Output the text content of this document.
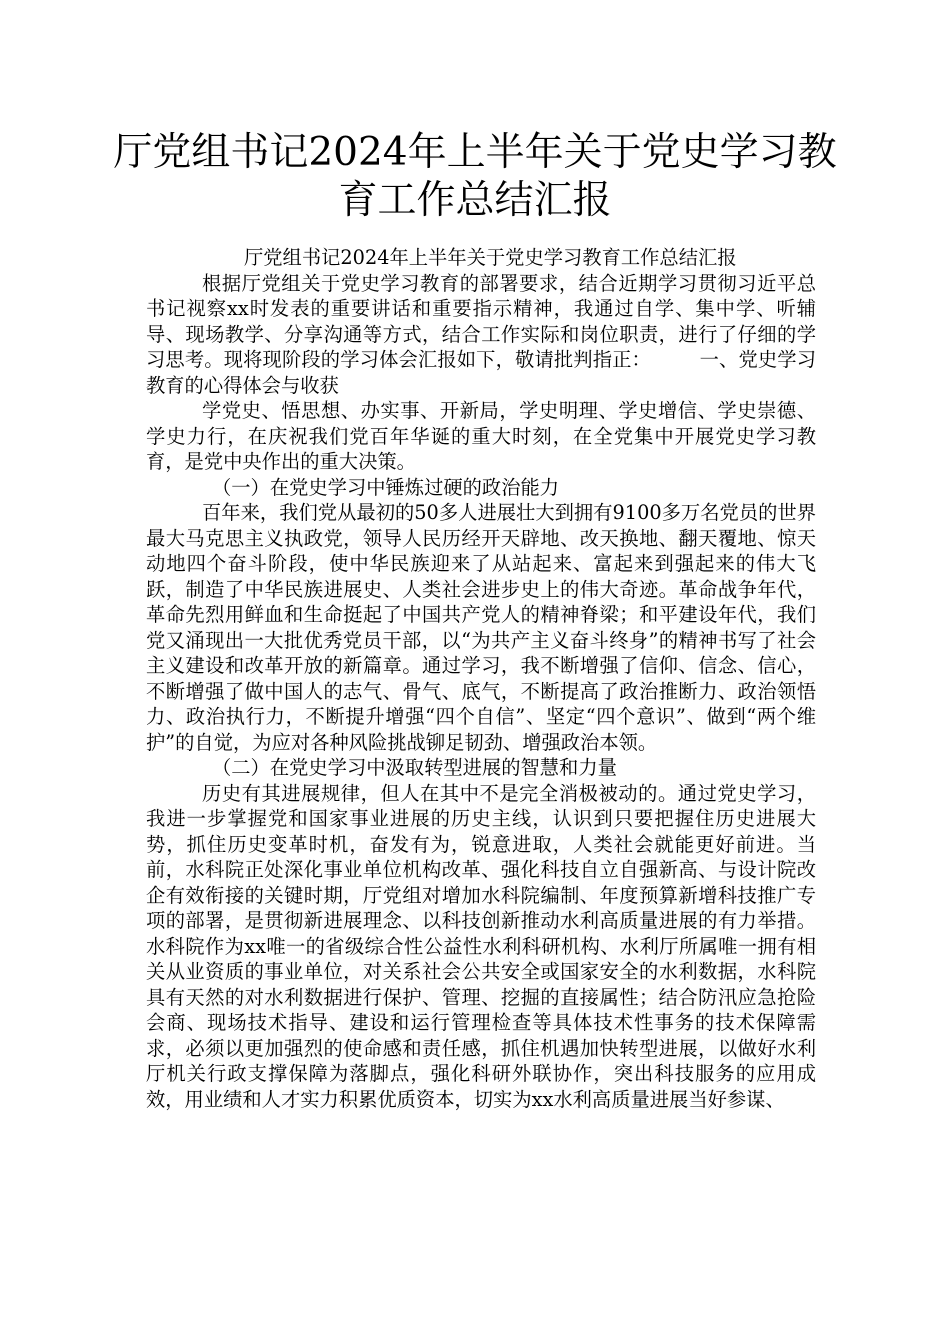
厅党组书记2024年上半年关于党史学习教
育工作总结汇报

厅党组书记2024年上半年关于党史学习教育工作总结汇报

根据厅党组关于党史学习教育的部署要求，结合近期学习贯彻习近平总书记视察xx时发表的重要讲话和重要指示精神，我通过自学、集中学、听辅导、现场教学、分享沟通等方式，结合工作实际和岗位职责，进行了仔细的学习思考。现将现阶段的学习体会汇报如下，敬请批判指正：　　　一、党史学习教育的心得体会与收获

学党史、悟思想、办实事、开新局，学史明理、学史增信、学史崇德、学史力行，在庆祝我们党百年华诞的重大时刻，在全党集中开展党史学习教育，是党中央作出的重大决策。

（一）在党史学习中锤炼过硬的政治能力

百年来，我们党从最初的50多人进展壮大到拥有9100多万名党员的世界最大马克思主义执政党，领导人民历经开天辟地、改天换地、翻天覆地、惊天动地四个奋斗阶段，使中华民族迎来了从站起来、富起来到强起来的伟大飞跃，制造了中华民族进展史、人类社会进步史上的伟大奇迹。革命战争年代，革命先烈用鲜血和生命挺起了中国共产党人的精神脊梁；和平建设年代，我们党又涌现出一大批优秀党员干部，以“为共产主义奋斗终身”的精神书写了社会主义建设和改革开放的新篇章。通过学习，我不断增强了信仰、信念、信心，不断增强了做中国人的志气、骨气、底气，不断提高了政治推断力、政治领悟力、政治执行力，不断提升增强“四个自信”、坚定“四个意识”、做到“两个维护”的自觉，为应对各种风险挑战铆足韧劲、增强政治本领。

（二）在党史学习中汲取转型进展的智慧和力量

历史有其进展规律，但人在其中不是完全消极被动的。通过党史学习，我进一步掌握党和国家事业进展的历史主线，认识到只要把握住历史进展大势，抓住历史变革时机，奋发有为，锐意进取，人类社会就能更好前进。当前，水科院正处深化事业单位机构改革、强化科技自立自强新高、与设计院改企有效衔接的关键时期，厅党组对增加水科院编制、年度预算新增科技推广专项的部署，是贯彻新进展理念、以科技创新推动水利高质量进展的有力举措。水科院作为xx唯一的省级综合性公益性水利科研机构、水利厅所属唯一拥有相关从业资质的事业单位，对关系社会公共安全或国家安全的水利数据，水科院具有天然的对水利数据进行保护、管理、挖掘的直接属性；结合防汛应急抢险会商、现场技术指导、建设和运行管理检查等具体技术性事务的技术保障需求，必须以更加强烈的使命感和责任感，抓住机遇加快转型进展，以做好水利厅机关行政支撑保障为落脚点，强化科研外联协作，突出科技服务的应用成效，用业绩和人才实力积累优质资本，切实为xx水利高质量进展当好参谋、
